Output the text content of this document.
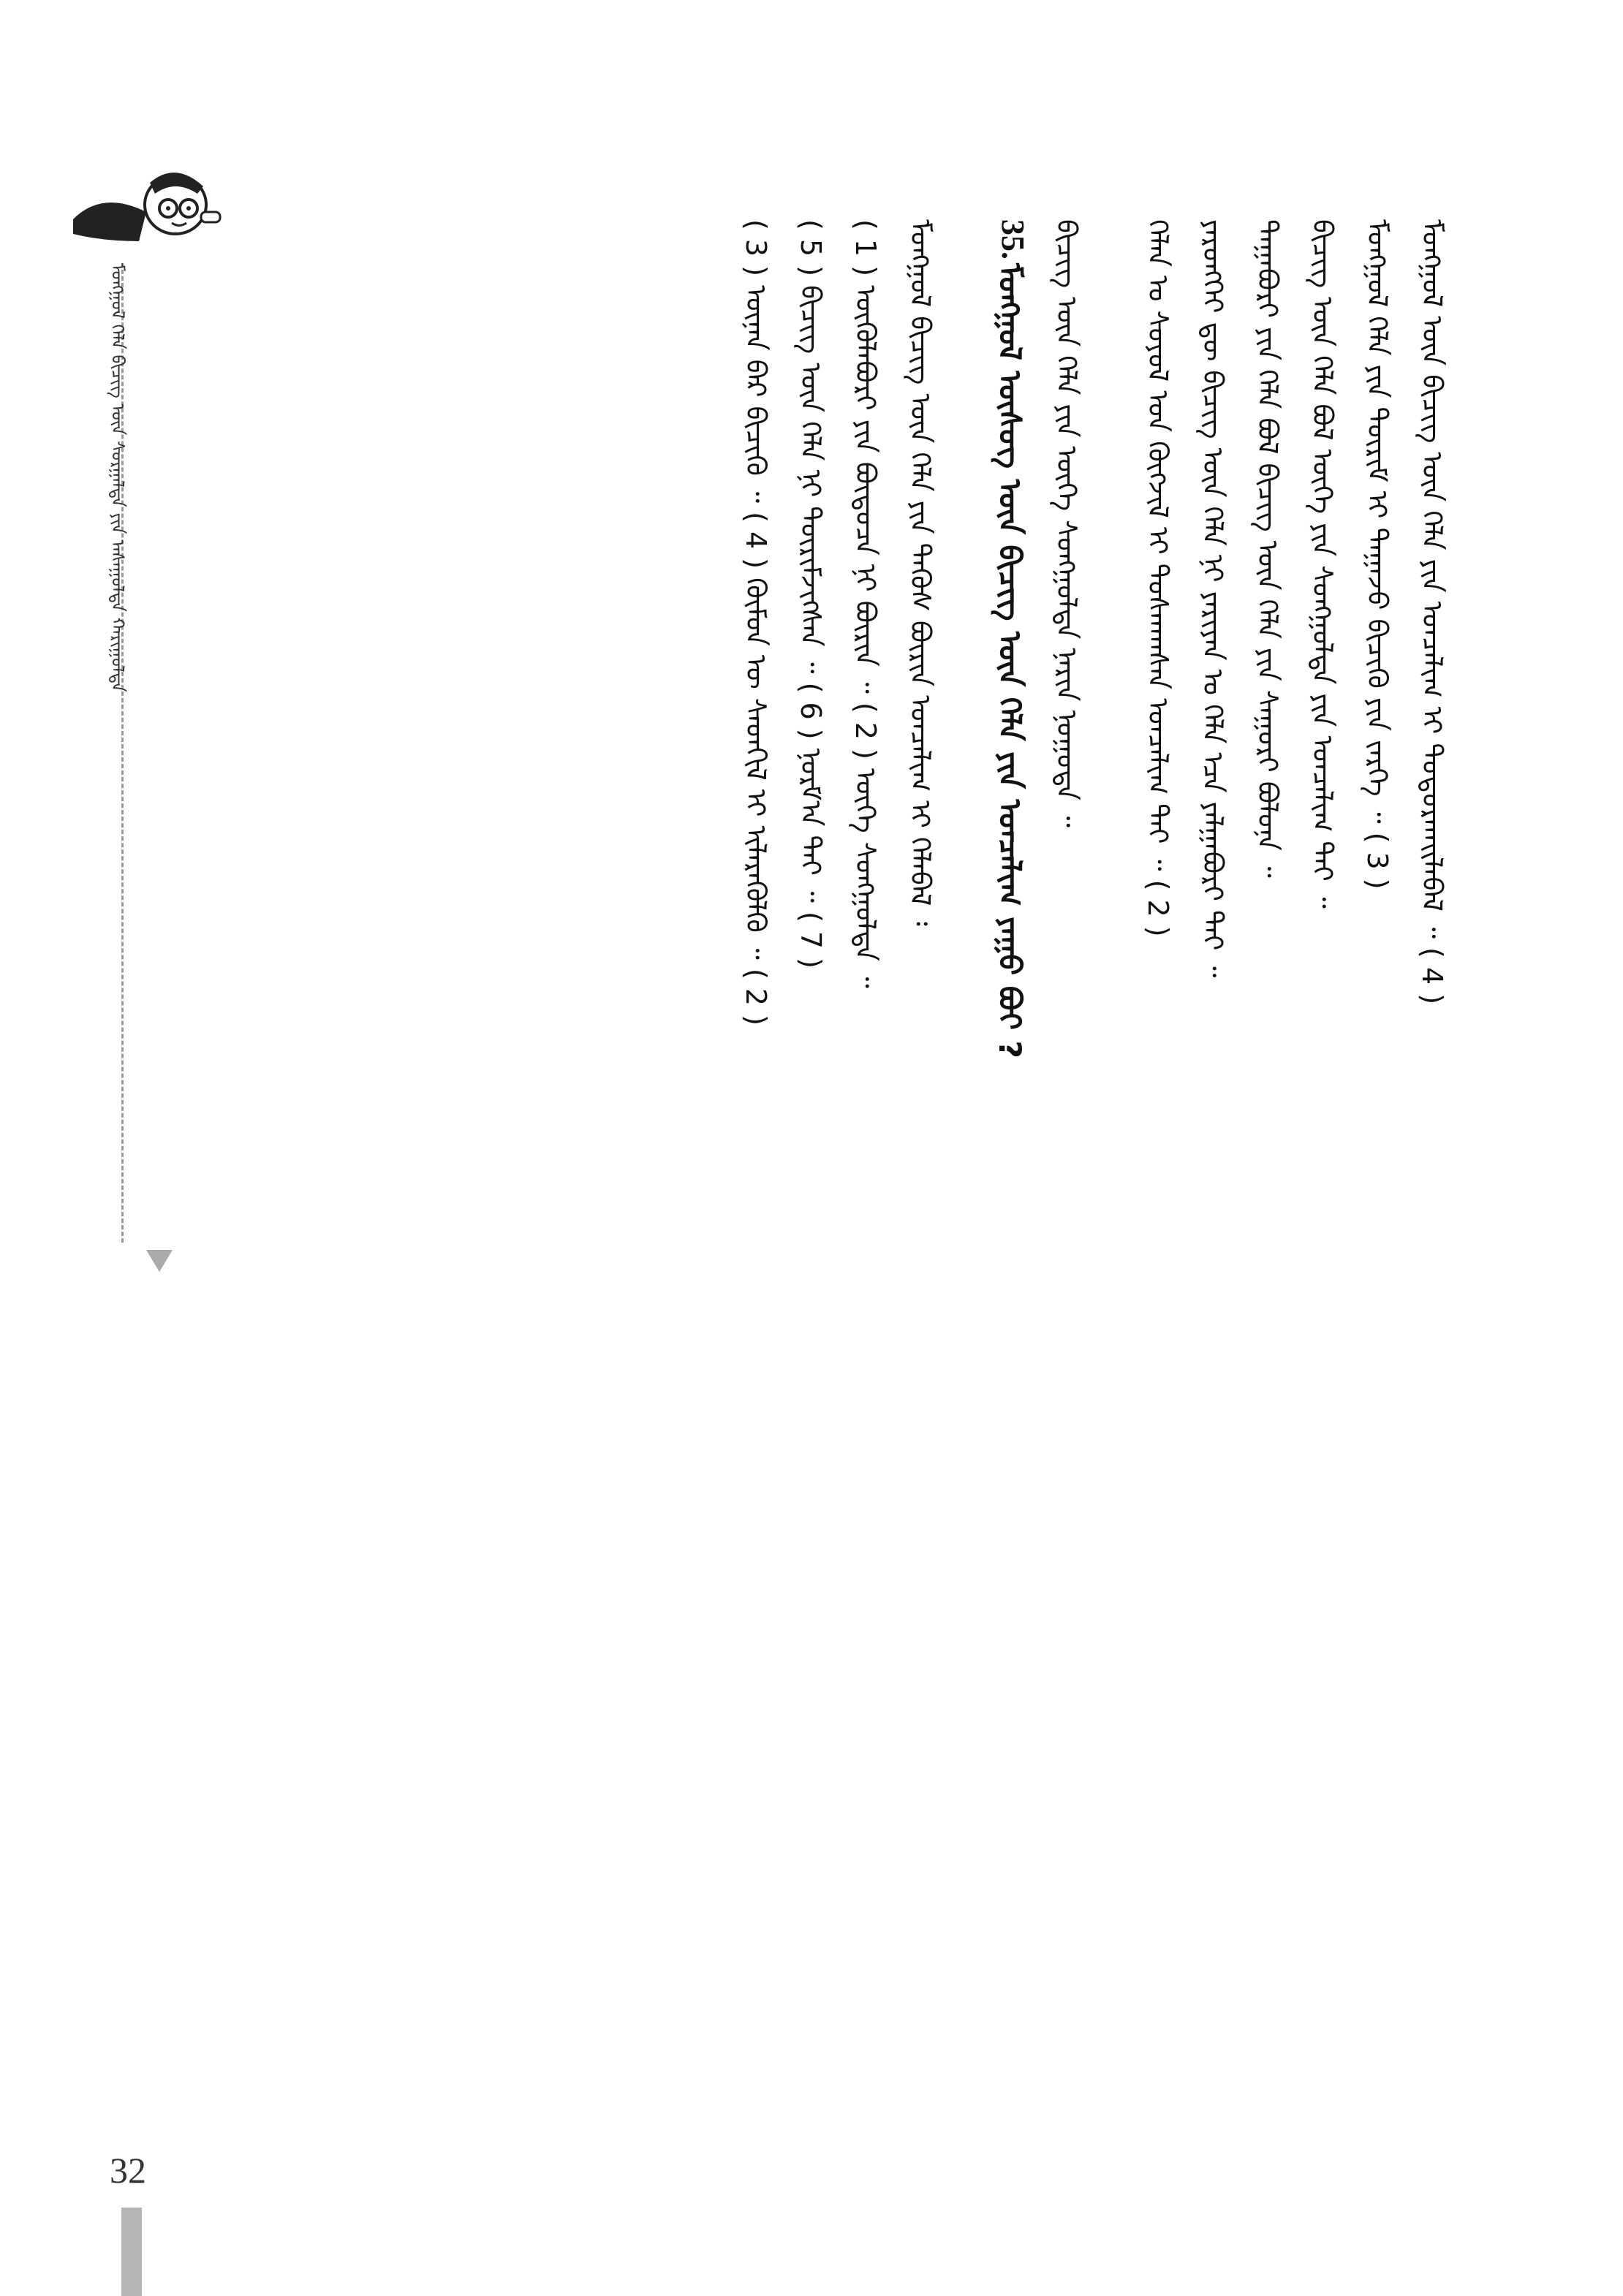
ᠮᠣᠩᠭᠣᠯ ᠬᠡᠯᠡ ᠪᠢᠴᠢᠭ ᠦᠨ ᠰᠤᠷᠭᠠᠯᠲᠠ ᠶᠢᠨ ᠠᠰᠠᠭᠤᠯᠲᠠ ᠬᠠᠷᠢᠭᠤᠯᠲᠠ
35.
ᠮᠣᠩᠭᠣᠯ ᠦᠰᠦᠭ ᠦᠨ ᠪᠢᠴᠢᠭ ᠦᠨ ᠬᠡᠯᠡ ᠶᠢᠨ ᠣᠨᠴᠠᠯᠢᠭ ᠶᠠᠭᠤ ᠪᠤᠢ ?	ᠮᠣᠩᠭᠣᠯ ᠦᠨ ᠪᠢᠴᠢᠭ ᠦᠨ ᠬᠡᠯᠡ ᠶᠢᠨ ᠣᠨᠴᠠᠯᠢᠭ ᠢ ᠲᠣᠳᠣᠷᠬᠠᠢᠯᠠᠪᠠᠯ ᠃ ( 4 )
ᠮᠣᠩᠭᠣᠯ ᠬᠡᠯᠡ ᠶᠢᠨ ᠳᠦᠷᠢᠮ ᠢ ᠳᠠᠭᠠᠵᠤ ᠪᠢᠴᠢᠬᠦ ᠶᠢᠨ ᠵᠡᠷᠭᠡ ᠃ ( 3 )
ᠪᠢᠴᠢᠭ ᠦᠨ ᠬᠡᠯᠡ ᠪᠣᠯ ᠦᠭᠡ ᠶᠢᠨ ᠰᠣᠩᠭᠣᠯᠲᠠ ᠶᠢᠨ ᠣᠨᠴᠠᠯᠢᠭ ᠲᠠᠢ ᠃
ᠳᠠᠭᠠᠪᠤᠷᠢ ᠶᠢᠨ ᠬᠡᠯᠡ ᠪᠣᠯ ᠪᠢᠴᠢᠭ ᠦᠨ ᠬᠡᠯᠡ ᠶᠢᠨ ᠰᠠᠭᠤᠷᠢ ᠪᠣᠯᠤᠨᠠ ᠃
ᠶᠡᠷᠦᠩᠬᠡᠢ ᠳᠦ ᠪᠢᠴᠢᠭ ᠦᠨ ᠬᠡᠯᠡ ᠨᠢ ᠶᠠᠷᠢᠶᠠᠨ ᠤ ᠬᠡᠯᠡ ᠡᠴᠡ ᠶᠠᠯᠭᠠᠪᠤᠷᠢ ᠲᠠᠢ ᠃
ᠬᠡᠯᠡᠨ ᠤ ᠰᠣᠶᠣᠯ ᠤᠨ ᠬᠥᠭᠵᠢᠯ ᠢ ᠲᠤᠰᠬᠠᠭᠰᠠᠨ ᠣᠨᠴᠠᠯᠢᠭ ᠲᠠᠢ ᠃ ( 2 )
ᠪᠢᠴᠢᠭ ᠦᠨ ᠬᠡᠯᠡ ᠶᠢᠨ ᠦᠭᠡ ᠰᠣᠩᠭᠣᠯᠲᠠ ᠨᠠᠷᠢᠨ ᠨᠣᠭᠣᠳᠠ ᠃
ᠮᠣᠩᠭᠣᠯ ᠪᠢᠴᠢᠭ ᠦᠨ ᠬᠡᠯᠡ ᠶᠢᠨ ᠲᠡᠭᠦᠰ ᠪᠦᠷᠢᠨ ᠣᠨᠴᠠᠯᠢᠭ ᠢ ᠬᠡᠯᠡᠪᠡᠯ ᠄
( 1 ) ᠥᠭᠦᠯᠡᠪᠦᠷᠢ ᠶᠢᠨ ᠪᠦᠲᠦᠴᠡ ᠨᠢ ᠪᠦᠷᠢᠨ ᠃ ( 2 ) ᠦᠭᠡ ᠰᠣᠩᠭᠣᠯᠲᠠ ᠃
( 5 ) ᠪᠢᠴᠢᠭ ᠦᠨ ᠬᠡᠯᠡ ᠨᠢ ᠳᠦᠷᠢᠮᠵᠢᠭᠰᠡᠨ ᠃ ( 6 ) ᠨᠣᠷᠮ᠎ᠠ ᠲᠠᠢ ᠃ ( 7 )
( 3 ) ᠦᠨᠡᠨ ᠪᠡᠷ ᠪᠢᠴᠢᠬᠦ ᠃ ( 4 ) ᠬᠦᠮᠦᠨ ᠦ ᠰᠡᠳᠬᠢᠯ ᠢ ᠢᠯᠡᠷᠡᠭᠦᠯᠬᠦ ᠃ ( 2 )
32
